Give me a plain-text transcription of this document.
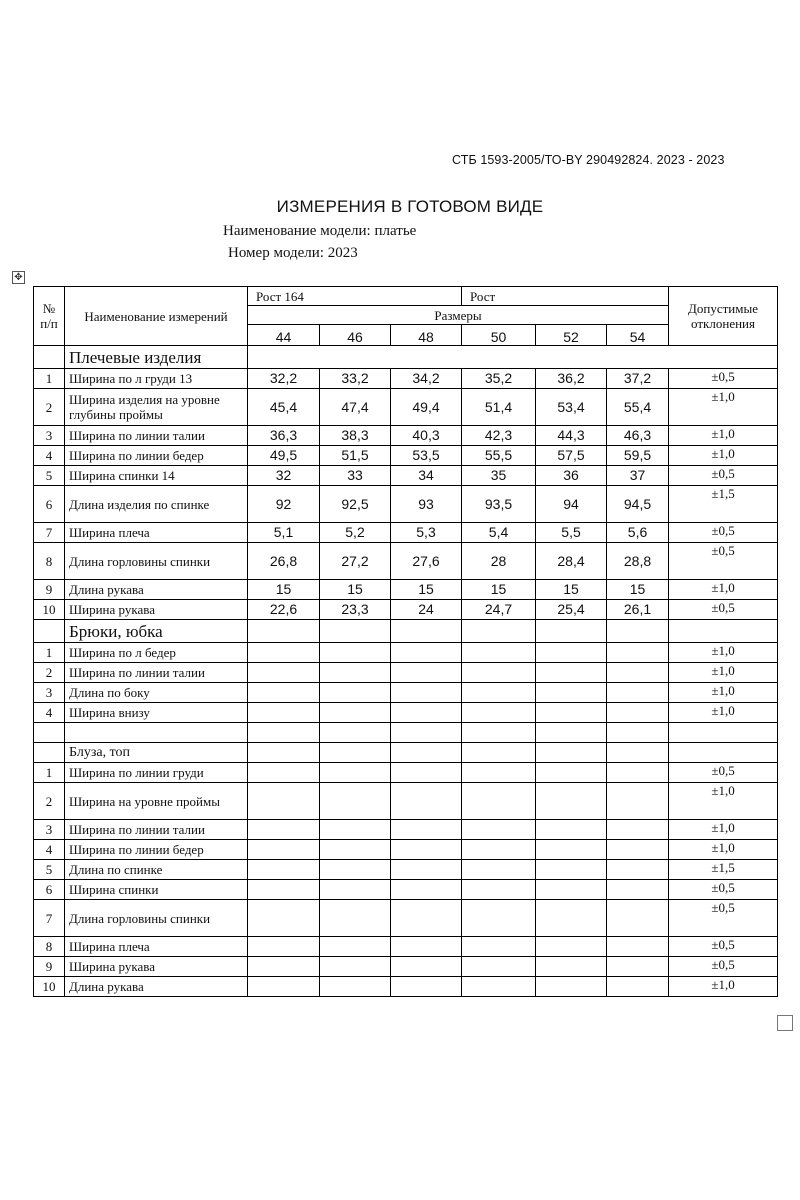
СТБ 1593-2005/ТО-BY 290492824. 2023 - 2023
ИЗМЕРЕНИЯ В ГОТОВОМ ВИДЕ
Наименование модели: платье
Номер модели: 2023
✥
№ п/п	Наименование измерений	Рост 164			Рост			Допустимые отклонения
		Размеры						
		44	46	48	50	52	54	
	Плечевые изделия							
1	Ширина по л груди 13	32,2	33,2	34,2	35,2	36,2	37,2	±0,5
2	Ширина изделия на уровне глубины проймы	45,4	47,4	49,4	51,4	53,4	55,4	±1,0
3	Ширина по линии талии	36,3	38,3	40,3	42,3	44,3	46,3	±1,0
4	Ширина по линии бедер	49,5	51,5	53,5	55,5	57,5	59,5	±1,0
5	Ширина спинки 14	32	33	34	35	36	37	±0,5
6	Длина изделия по спинке	92	92,5	93	93,5	94	94,5	±1,5
7	Ширина плеча	5,1	5,2	5,3	5,4	5,5	5,6	±0,5
8	Длина горловины спинки	26,8	27,2	27,6	28	28,4	28,8	±0,5
9	Длина рукава	15	15	15	15	15	15	±1,0
10	Ширина рукава	22,6	23,3	24	24,7	25,4	26,1	±0,5
	Брюки, юбка							
1	Ширина по л бедер							±1,0
2	Ширина по линии талии							±1,0
3	Длина по боку							±1,0
4	Ширина внизу							±1,0

	Блуза, топ							
1	Ширина по линии груди							±0,5
2	Ширина на уровне проймы							±1,0
3	Ширина по линии талии							±1,0
4	Ширина по линии бедер							±1,0
5	Длина по спинке							±1,5
6	Ширина спинки							±0,5
7	Длина горловины спинки							±0,5
8	Ширина плеча							±0,5
9	Ширина рукава							±0,5
10	Длина рукава							±1,0
